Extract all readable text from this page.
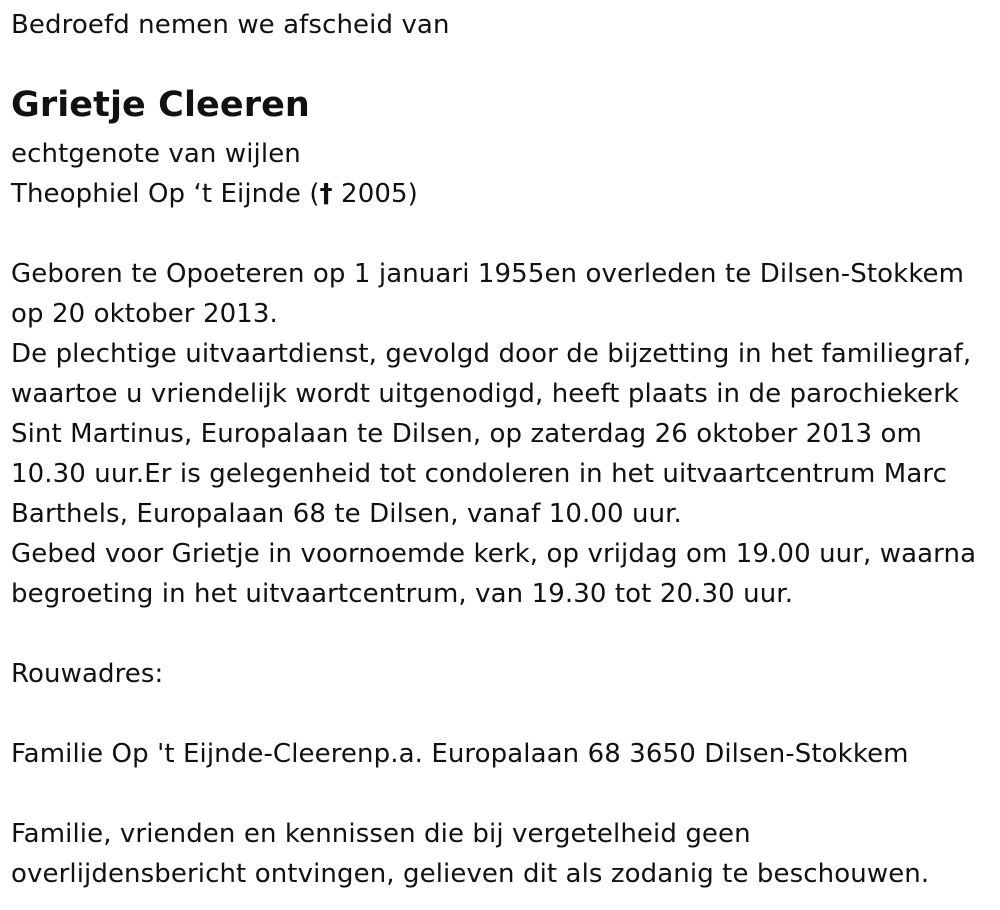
Bedroefd nemen we afscheid van
Grietje Cleeren
echtgenote van wijlen
Theophiel Op ‘t Eijnde († 2005)
Geboren te Opoeteren op 1 januari 1955en overleden te Dilsen-Stokkem
op 20 oktober 2013.
De plechtige uitvaartdienst, gevolgd door de bijzetting in het familiegraf,
waartoe u vriendelijk wordt uitgenodigd, heeft plaats in de parochiekerk
Sint Martinus, Europalaan te Dilsen, op zaterdag 26 oktober 2013 om
10.30 uur.Er is gelegenheid tot condoleren in het uitvaartcentrum Marc
Barthels, Europalaan 68 te Dilsen, vanaf 10.00 uur.
Gebed voor Grietje in voornoemde kerk, op vrijdag om 19.00 uur, waarna
begroeting in het uitvaartcentrum, van 19.30 tot 20.30 uur.
Rouwadres:
Familie Op 't Eijnde-Cleerenp.a. Europalaan 68 3650 Dilsen-Stokkem
Familie, vrienden en kennissen die bij vergetelheid geen
overlijdensbericht ontvingen, gelieven dit als zodanig te beschouwen.
